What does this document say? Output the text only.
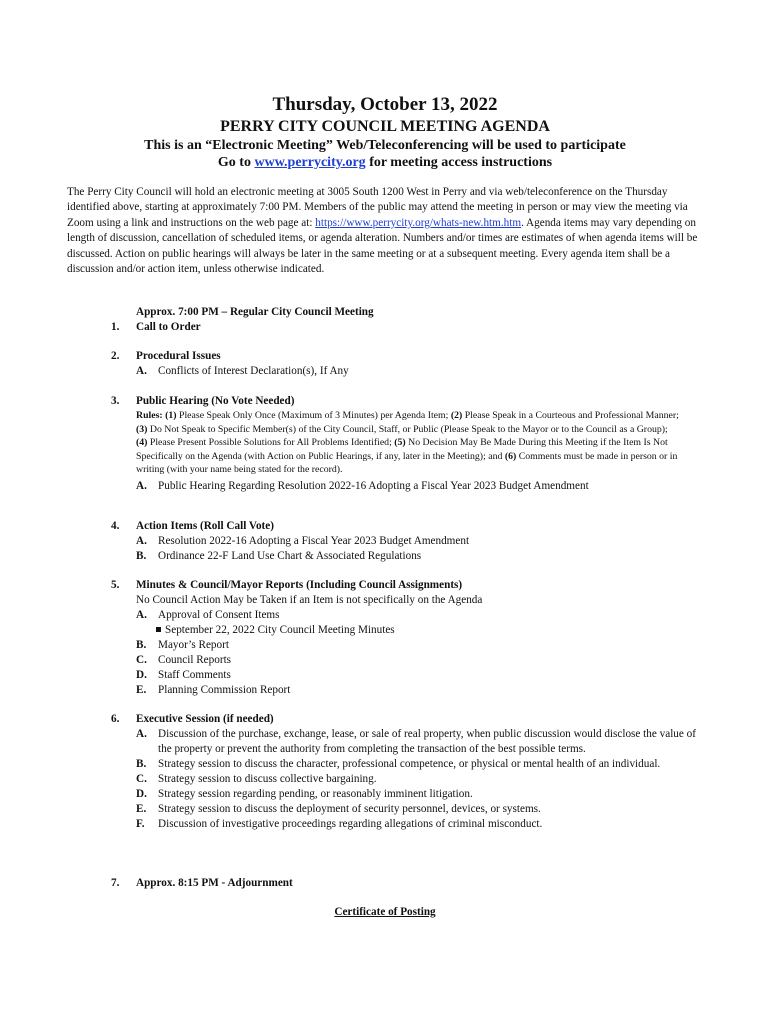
Thursday, October 13, 2022
PERRY CITY COUNCIL MEETING AGENDA
This is an “Electronic Meeting” Web/Teleconferencing will be used to participate
Go to www.perrycity.org for meeting access instructions
The Perry City Council will hold an electronic meeting at 3005 South 1200 West in Perry and via web/teleconference on the Thursday identified above, starting at approximately 7:00 PM. Members of the public may attend the meeting in person or may view the meeting via Zoom using a link and instructions on the web page at: https://www.perrycity.org/whats-new.htm.htm. Agenda items may vary depending on length of discussion, cancellation of scheduled items, or agenda alteration. Numbers and/or times are estimates of when agenda items will be discussed. Action on public hearings will always be later in the same meeting or at a subsequent meeting. Every agenda item shall be a discussion and/or action item, unless otherwise indicated.
Approx. 7:00 PM – Regular City Council Meeting
1. Call to Order
2. Procedural Issues
A. Conflicts of Interest Declaration(s), If Any
3. Public Hearing (No Vote Needed)
Rules: (1) Please Speak Only Once (Maximum of 3 Minutes) per Agenda Item; (2) Please Speak in a Courteous and Professional Manner; (3) Do Not Speak to Specific Member(s) of the City Council, Staff, or Public (Please Speak to the Mayor or to the Council as a Group); (4) Please Present Possible Solutions for All Problems Identified; (5) No Decision May Be Made During this Meeting if the Item Is Not Specifically on the Agenda (with Action on Public Hearings, if any, later in the Meeting); and (6) Comments must be made in person or in writing (with your name being stated for the record).
A. Public Hearing Regarding Resolution 2022-16 Adopting a Fiscal Year 2023 Budget Amendment
4. Action Items (Roll Call Vote)
A. Resolution 2022-16 Adopting a Fiscal Year 2023 Budget Amendment
B. Ordinance 22-F Land Use Chart & Associated Regulations
5. Minutes & Council/Mayor Reports (Including Council Assignments)
No Council Action May be Taken if an Item is not specifically on the Agenda
A. Approval of Consent Items
September 22, 2022 City Council Meeting Minutes
B. Mayor’s Report
C. Council Reports
D. Staff Comments
E. Planning Commission Report
6. Executive Session (if needed)
A. Discussion of the purchase, exchange, lease, or sale of real property, when public discussion would disclose the value of the property or prevent the authority from completing the transaction of the best possible terms.
B. Strategy session to discuss the character, professional competence, or physical or mental health of an individual.
C. Strategy session to discuss collective bargaining.
D. Strategy session regarding pending, or reasonably imminent litigation.
E. Strategy session to discuss the deployment of security personnel, devices, or systems.
F. Discussion of investigative proceedings regarding allegations of criminal misconduct.
7. Approx. 8:15 PM - Adjournment
Certificate of Posting
